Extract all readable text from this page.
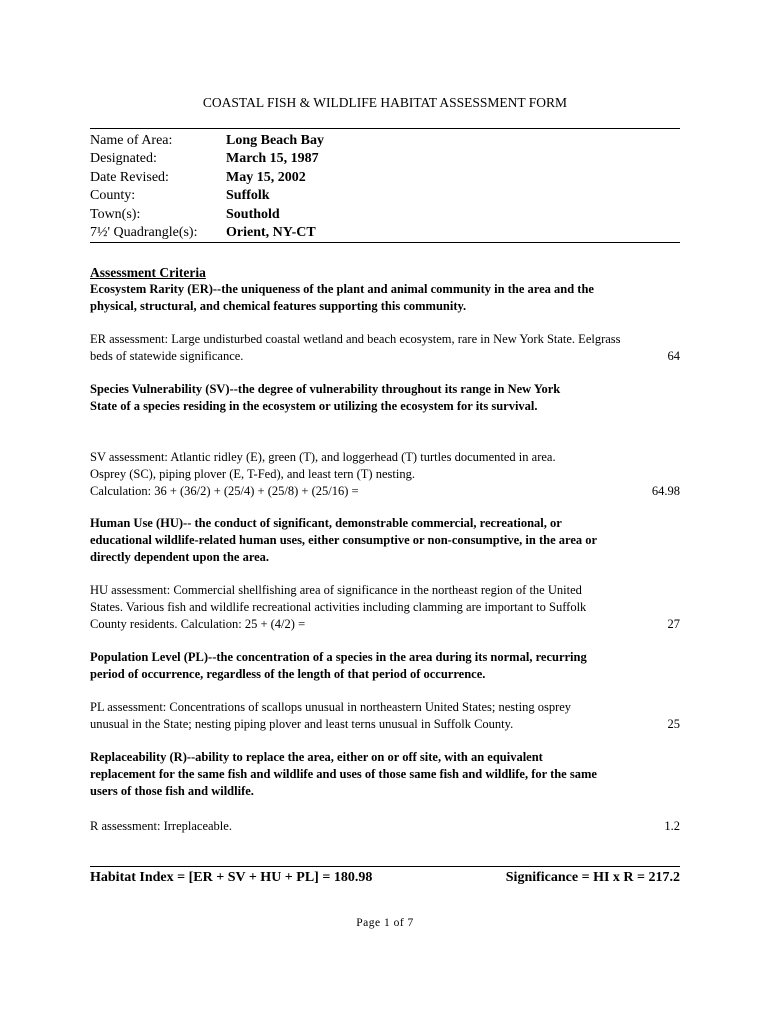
COASTAL FISH & WILDLIFE HABITAT ASSESSMENT FORM
Name of Area:	Long Beach Bay
Designated:	March 15, 1987
Date Revised:	May 15, 2002
County:	Suffolk
Town(s):	Southold
7½' Quadrangle(s):	Orient, NY-CT
Assessment Criteria
Ecosystem Rarity (ER)--the uniqueness of the plant and animal community in the area and the physical, structural, and chemical features supporting this community.
ER assessment: Large undisturbed coastal wetland and beach ecosystem, rare in New York State. Eelgrass beds of statewide significance.	64
Species Vulnerability (SV)--the degree of vulnerability throughout its range in New York State of a species residing in the ecosystem or utilizing the ecosystem for its survival.
SV assessment: Atlantic ridley (E), green (T), and loggerhead (T) turtles documented in area.
Osprey (SC), piping plover (E, T-Fed), and least tern (T) nesting.
Calculation: 36 + (36/2) + (25/4) + (25/8) + (25/16) =	64.98
Human Use (HU)-- the conduct of significant, demonstrable commercial, recreational, or educational wildlife-related human uses, either consumptive or non-consumptive, in the area or directly dependent upon the area.
HU assessment: Commercial shellfishing area of significance in the northeast region of the United States. Various fish and wildlife recreational activities including clamming are important to Suffolk County residents. Calculation: 25 + (4/2) =	27
Population Level (PL)--the concentration of a species in the area during its normal, recurring period of occurrence, regardless of the length of that period of occurrence.
PL assessment: Concentrations of scallops unusual in northeastern United States; nesting osprey unusual in the State; nesting piping plover and least terns unusual in Suffolk County.	25
Replaceability (R)--ability to replace the area, either on or off site, with an equivalent replacement for the same fish and wildlife and uses of those same fish and wildlife, for the same users of those fish and wildlife.
R assessment: Irreplaceable.	1.2
Habitat Index = [ER + SV + HU + PL] = 180.98	Significance = HI x R = 217.2
Page 1 of 7
